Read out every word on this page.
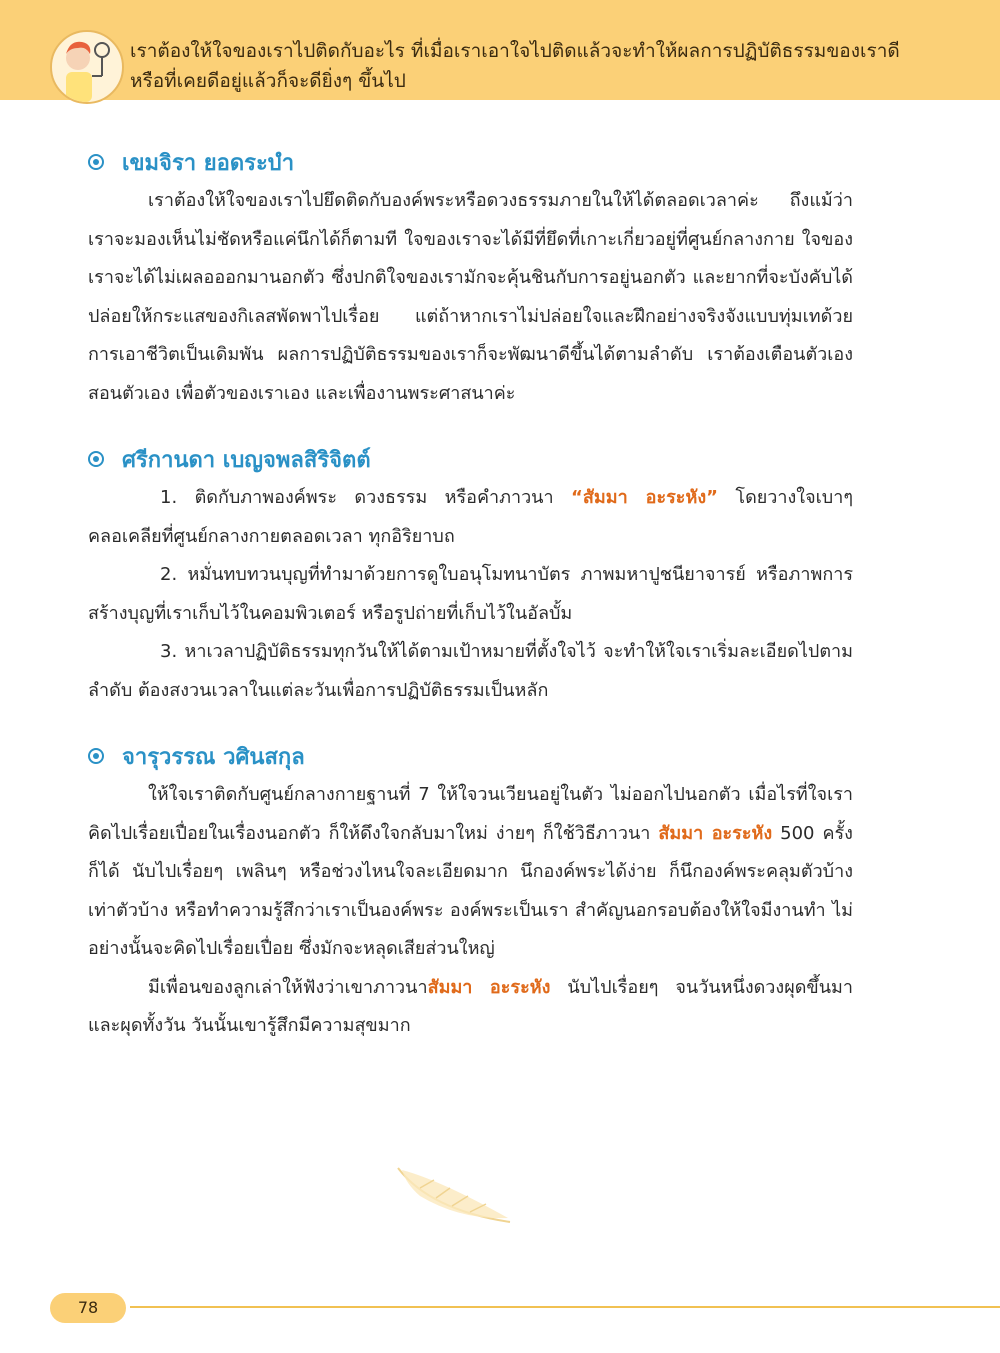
เราต้องให้ใจของเราไปติดกับอะไร ที่เมื่อเราเอาใจไปติดแล้วจะทำให้ผลการปฏิบัติธรรมของเราดี
หรือที่เคยดีอยู่แล้วก็จะดียิ่งๆ ขึ้นไป
เขมจิรา ยอดระบำ

เราต้องให้ใจของเราไปยึดติดกับองค์พระหรือดวงธรรมภายในให้ได้ตลอดเวลาค่ะ ถึงแม้ว่าเราจะมองเห็นไม่ชัดหรือแค่นึกได้ก็ตามที ใจของเราจะได้มีที่ยึดที่เกาะเกี่ยวอยู่ที่ศูนย์กลางกาย ใจของเราจะได้ไม่เผลอออกมานอกตัว ซึ่งปกติใจของเรามักจะคุ้นชินกับการอยู่นอกตัว และยากที่จะบังคับได้ ปล่อยให้กระแสของกิเลสพัดพาไปเรื่อย แต่ถ้าหากเราไม่ปล่อยใจและฝึกอย่างจริงจังแบบทุ่มเทด้วยการเอาชีวิตเป็นเดิมพัน ผลการปฏิบัติธรรมของเราก็จะพัฒนาดีขึ้นได้ตามลำดับ เราต้องเตือนตัวเอง สอนตัวเอง เพื่อตัวของเราเอง และเพื่องานพระศาสนาค่ะ

ศรีกานดา เบญจพลสิริจิตต์

1. ติดกับภาพองค์พระ ดวงธรรม หรือคำภาวนา “สัมมา อะระหัง” โดยวางใจเบาๆ คลอเคลียที่ศูนย์กลางกายตลอดเวลา ทุกอิริยาบถ

2. หมั่นทบทวนบุญที่ทำมาด้วยการดูใบอนุโมทนาบัตร ภาพมหาปูชนียาจารย์ หรือภาพการสร้างบุญที่เราเก็บไว้ในคอมพิวเตอร์ หรือรูปถ่ายที่เก็บไว้ในอัลบั้ม

3. หาเวลาปฏิบัติธรรมทุกวันให้ได้ตามเป้าหมายที่ตั้งใจไว้ จะทำให้ใจเราเริ่มละเอียดไปตามลำดับ ต้องสงวนเวลาในแต่ละวันเพื่อการปฏิบัติธรรมเป็นหลัก

จารุวรรณ วศินสกุล

ให้ใจเราติดกับศูนย์กลางกายฐานที่ 7 ให้ใจวนเวียนอยู่ในตัว ไม่ออกไปนอกตัว เมื่อไรที่ใจเราคิดไปเรื่อยเปื่อยในเรื่องนอกตัว ก็ให้ดึงใจกลับมาใหม่ ง่ายๆ ก็ใช้วิธีภาวนา สัมมา อะระหัง 500 ครั้งก็ได้ นับไปเรื่อยๆ เพลินๆ หรือช่วงไหนใจละเอียดมาก นึกองค์พระได้ง่าย ก็นึกองค์พระคลุมตัวบ้าง เท่าตัวบ้าง หรือทำความรู้สึกว่าเราเป็นองค์พระ องค์พระเป็นเรา สำคัญนอกรอบต้องให้ใจมีงานทำ ไม่อย่างนั้นจะคิดไปเรื่อยเปื่อย ซึ่งมักจะหลุดเสียส่วนใหญ่

มีเพื่อนของลูกเล่าให้ฟังว่าเขาภาวนาสัมมา อะระหัง นับไปเรื่อยๆ จนวันหนึ่งดวงผุดขึ้นมา และผุดทั้งวัน วันนั้นเขารู้สึกมีความสุขมาก

78
